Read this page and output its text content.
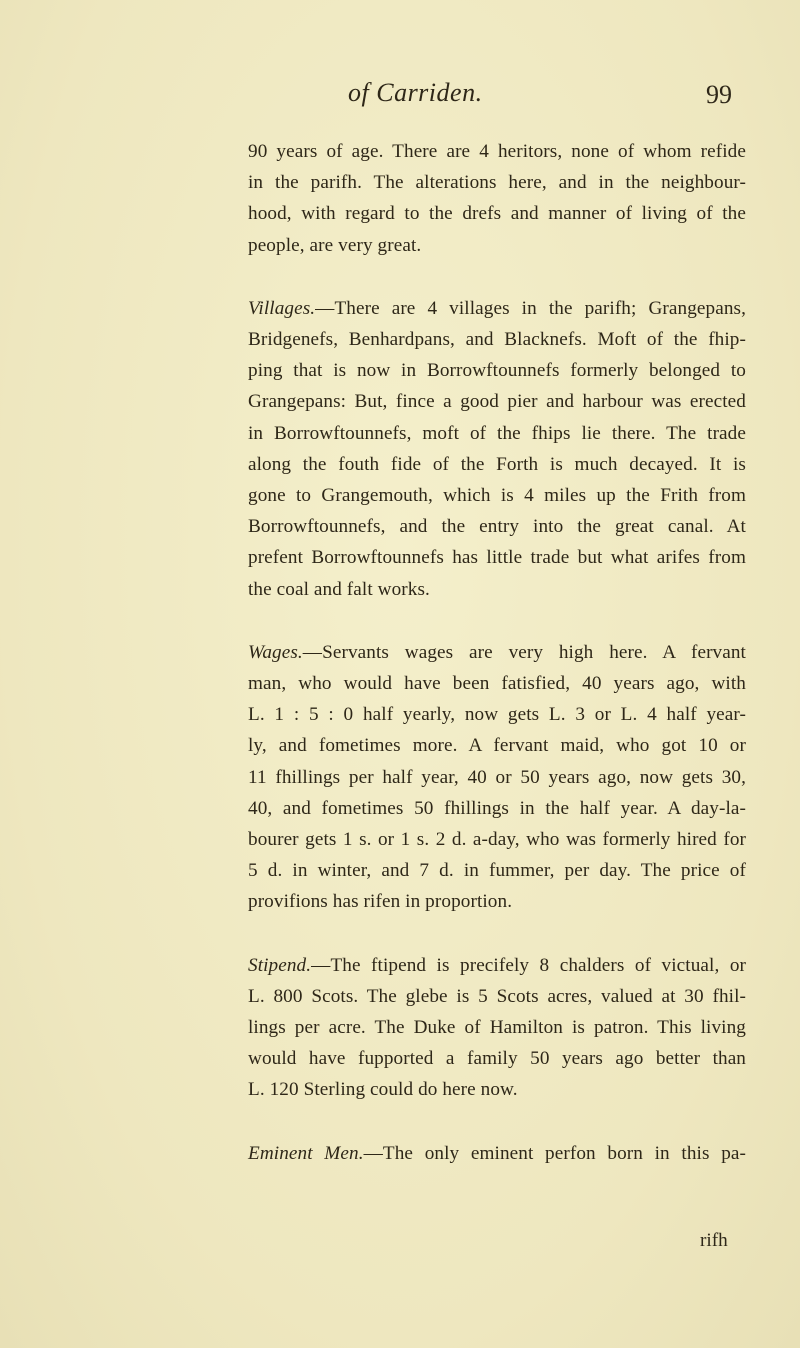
of Carriden.	99

90 years of age. There are 4 heritors, none of whom refide

in the parifh. The alterations here, and in the neighbour-

hood, with regard to the drefs and manner of living of the

people, are very great.

Villages.—There are 4 villages in the parifh; Grangepans,

Bridgenefs, Benhardpans, and Blacknefs. Moft of the fhip-

ping that is now in Borrowftounnefs formerly belonged to

Grangepans: But, fince a good pier and harbour was erected

in Borrowftounnefs, moft of the fhips lie there. The trade

along the fouth fide of the Forth is much decayed. It is

gone to Grangemouth, which is 4 miles up the Frith from

Borrowftounnefs, and the entry into the great canal. At

prefent Borrowftounnefs has little trade but what arifes from

the coal and falt works.

Wages.—Servants wages are very high here. A fervant

man, who would have been fatisfied, 40 years ago, with

L. 1 : 5 : 0 half yearly, now gets L. 3 or L. 4 half year-

ly, and fometimes more. A fervant maid, who got 10 or

11 fhillings per half year, 40 or 50 years ago, now gets 30,

40, and fometimes 50 fhillings in the half year. A day-la-

bourer gets 1 s. or 1 s. 2 d. a-day, who was formerly hired for

5 d. in winter, and 7 d. in fummer, per day. The price of

provifions has rifen in proportion.

Stipend.—The ftipend is precifely 8 chalders of victual, or

L. 800 Scots. The glebe is 5 Scots acres, valued at 30 fhil-

lings per acre. The Duke of Hamilton is patron. This living

would have fupported a family 50 years ago better than

L. 120 Sterling could do here now.

Eminent Men.—The only eminent perfon born in this pa-

rifh
